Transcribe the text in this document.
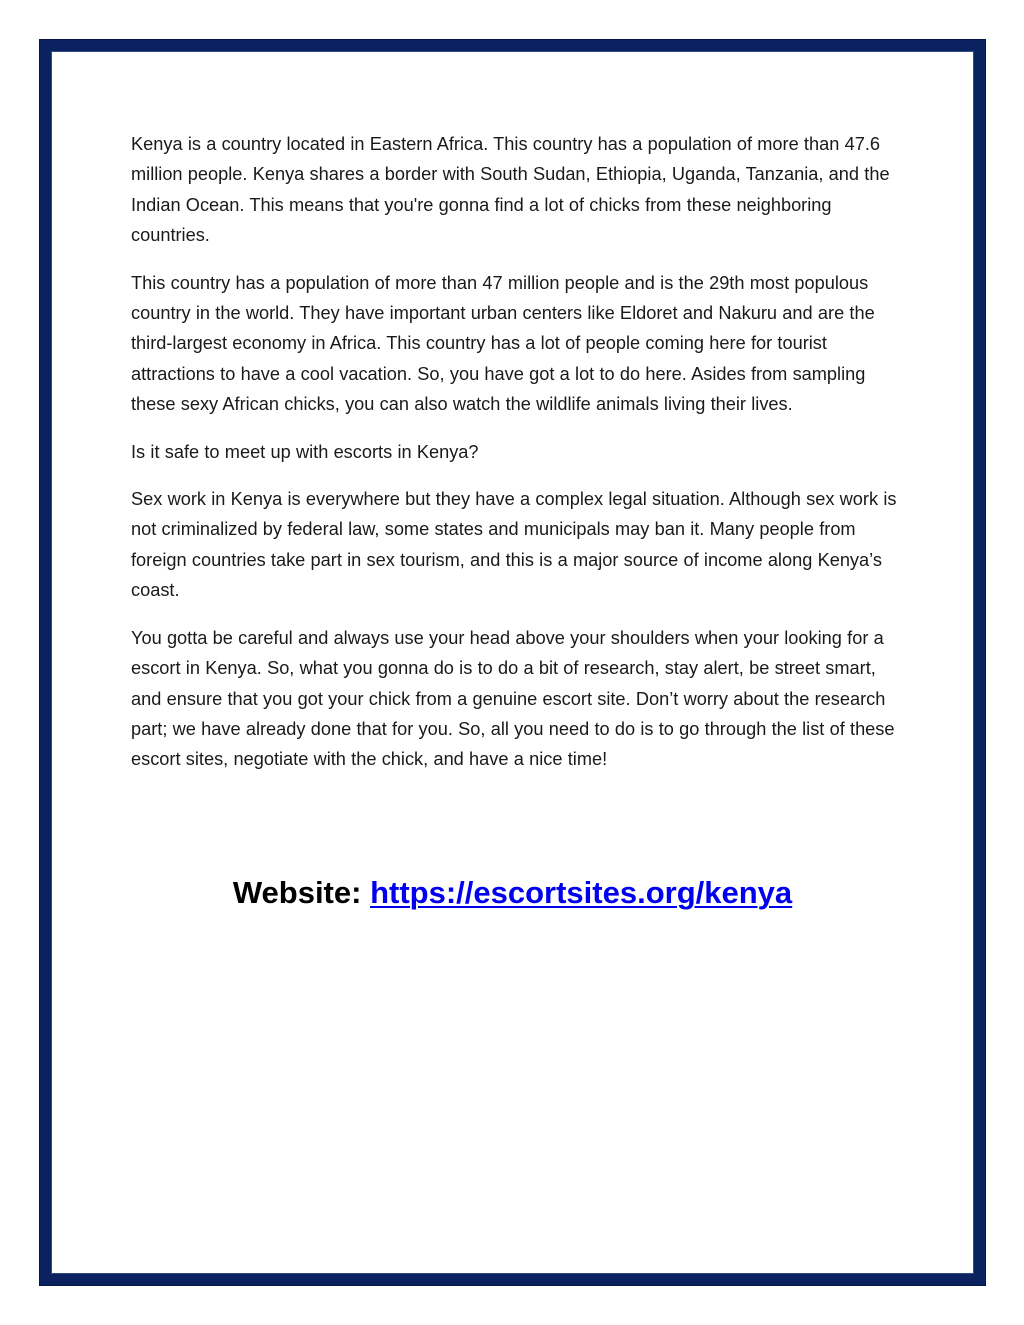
Kenya is a country located in Eastern Africa. This country has a population of more than 47.6 million people. Kenya shares a border with South Sudan, Ethiopia, Uganda, Tanzania, and the Indian Ocean. This means that you're gonna find a lot of chicks from these neighboring countries.

This country has a population of more than 47 million people and is the 29th most populous country in the world. They have important urban centers like Eldoret and Nakuru and are the third-largest economy in Africa. This country has a lot of people coming here for tourist attractions to have a cool vacation. So, you have got a lot to do here. Asides from sampling these sexy African chicks, you can also watch the wildlife animals living their lives.

Is it safe to meet up with escorts in Kenya?

Sex work in Kenya is everywhere but they have a complex legal situation. Although sex work is not criminalized by federal law, some states and municipals may ban it. Many people from foreign countries take part in sex tourism, and this is a major source of income along Kenya’s coast.

You gotta be careful and always use your head above your shoulders when your looking for a escort in Kenya. So, what you gonna do is to do a bit of research, stay alert, be street smart, and ensure that you got your chick from a genuine escort site. Don’t worry about the research part; we have already done that for you. So, all you need to do is to go through the list of these escort sites, negotiate with the chick, and have a nice time!

Website: https://escortsites.org/kenya
